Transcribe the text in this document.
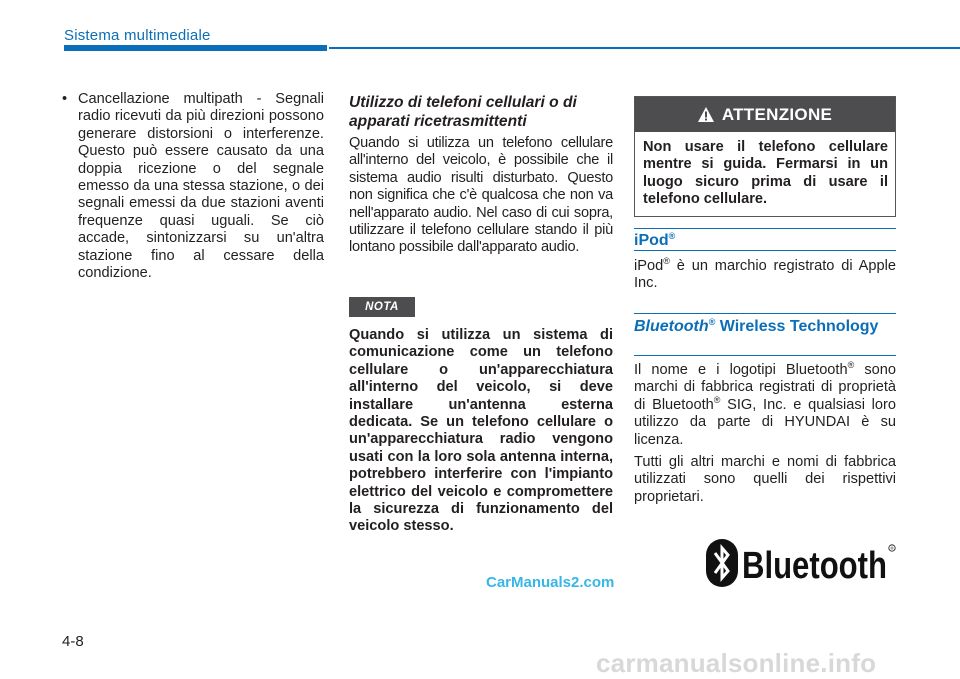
Sistema multimediale
• Cancellazione multipath - Segnali radio ricevuti da più direzioni possono generare distorsioni o interferenze. Questo può essere causato da una doppia ricezione o del segnale emesso da una stessa stazione, o dei segnali emessi da due stazioni aventi frequenze quasi uguali. Se ciò accade, sintonizzarsi su un'altra stazione fino al cessare della condizione.
Utilizzo di telefoni cellulari o di apparati ricetrasmittenti
Quando si utilizza un telefono cellulare all'interno del veicolo, è possibile che il sistema audio risulti disturbato. Questo non significa che c'è qualcosa che non va nell'apparato audio. Nel caso di cui sopra, utilizzare il telefono cellulare stando il più lontano possibile dall'apparato audio.
NOTA
Quando si utilizza un sistema di comunicazione come un telefono cellulare o un'apparecchiatura all'interno del veicolo, si deve installare un'antenna esterna dedicata. Se un telefono cellulare o un'apparecchiatura radio vengono usati con la loro sola antenna interna, potrebbero interferire con l'impianto elettrico del veicolo e compromettere la sicurezza di funzionamento del veicolo stesso.
ATTENZIONE
Non usare il telefono cellulare mentre si guida. Fermarsi in un luogo sicuro prima di usare il telefono cellulare.
iPod®
iPod® è un marchio registrato di Apple Inc.
Bluetooth® Wireless Technology
Il nome e i logotipi Bluetooth® sono marchi di fabbrica registrati di proprietà di Bluetooth® SIG, Inc. e qualsiasi loro utilizzo da parte di HYUNDAI è su licenza.
Tutti gli altri marchi e nomi di fabbrica utilizzati sono quelli dei rispettivi proprietari.
Bluetooth ®
CarManuals2.com
4-8
carmanualsonline.info
